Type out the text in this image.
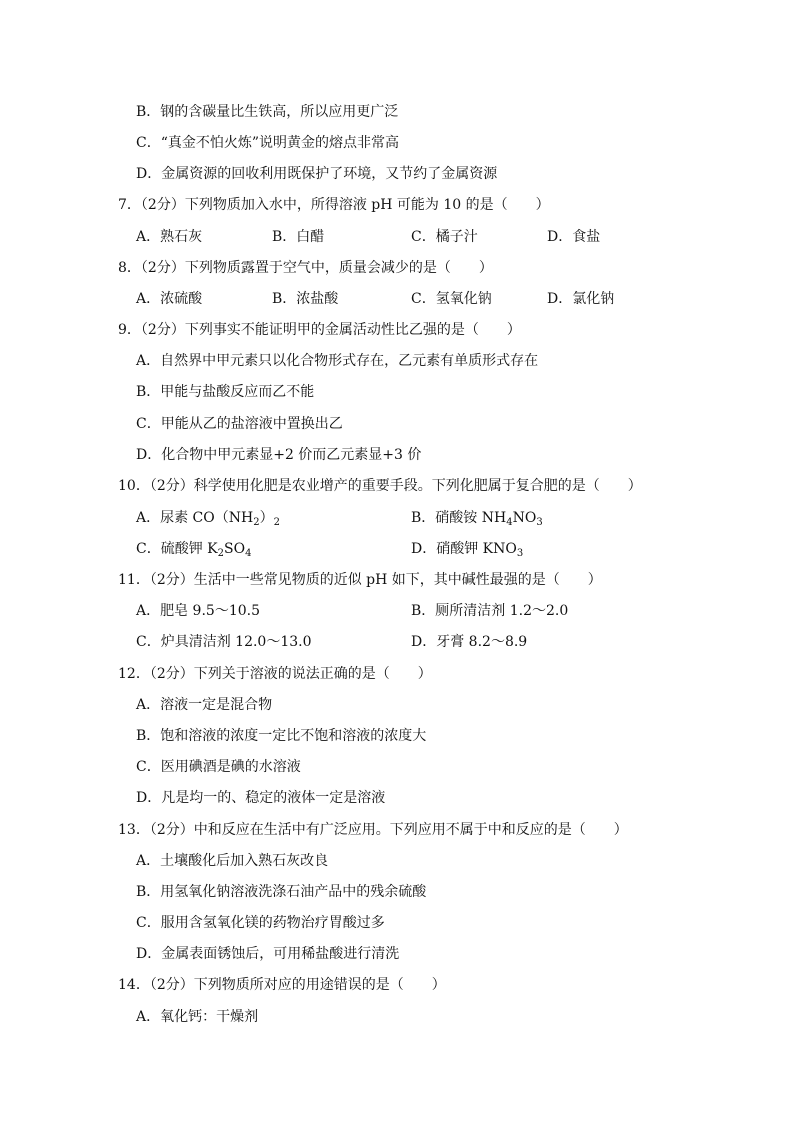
B．钢的含碳量比生铁高，所以应用更广泛
C．“真金不怕火炼”说明黄金的熔点非常高
D．金属资源的回收利用既保护了环境，又节约了金属资源
7．（2分）下列物质加入水中，所得溶液 pH 可能为 10 的是（　　）
A．熟石灰	B．白醋	C．橘子汁	D．食盐
8．（2分）下列物质露置于空气中，质量会减少的是（　　）
A．浓硫酸	B．浓盐酸	C．氢氧化钠	D．氯化钠
9．（2分）下列事实不能证明甲的金属活动性比乙强的是（　　）
A．自然界中甲元素只以化合物形式存在，乙元素有单质形式存在
B．甲能与盐酸反应而乙不能
C．甲能从乙的盐溶液中置换出乙
D．化合物中甲元素显+2 价而乙元素显+3 价
10．（2分）科学使用化肥是农业增产的重要手段。下列化肥属于复合肥的是（　　）
A．尿素 $CO(NH_2)_2$	B．硝酸铵 $NH_4NO_3$
C．硫酸钾 $K_2SO_4$	D．硝酸钾 $KNO_3$
11．（2分）生活中一些常见物质的近似 pH 如下，其中碱性最强的是（　　）
A．肥皂 9.5～10.5	B．厕所清洁剂 1.2～2.0
C．炉具清洁剂 12.0～13.0	D．牙膏 8.2～8.9
12．（2分）下列关于溶液的说法正确的是（　　）
A．溶液一定是混合物
B．饱和溶液的浓度一定比不饱和溶液的浓度大
C．医用碘酒是碘的水溶液
D．凡是均一的、稳定的液体一定是溶液
13．（2分）中和反应在生活中有广泛应用。下列应用不属于中和反应的是（　　）
A．土壤酸化后加入熟石灰改良
B．用氢氧化钠溶液洗涤石油产品中的残余硫酸
C．服用含氢氧化镁的药物治疗胃酸过多
D．金属表面锈蚀后，可用稀盐酸进行清洗
14．（2分）下列物质所对应的用途错误的是（　　）
A．氧化钙：干燥剂
